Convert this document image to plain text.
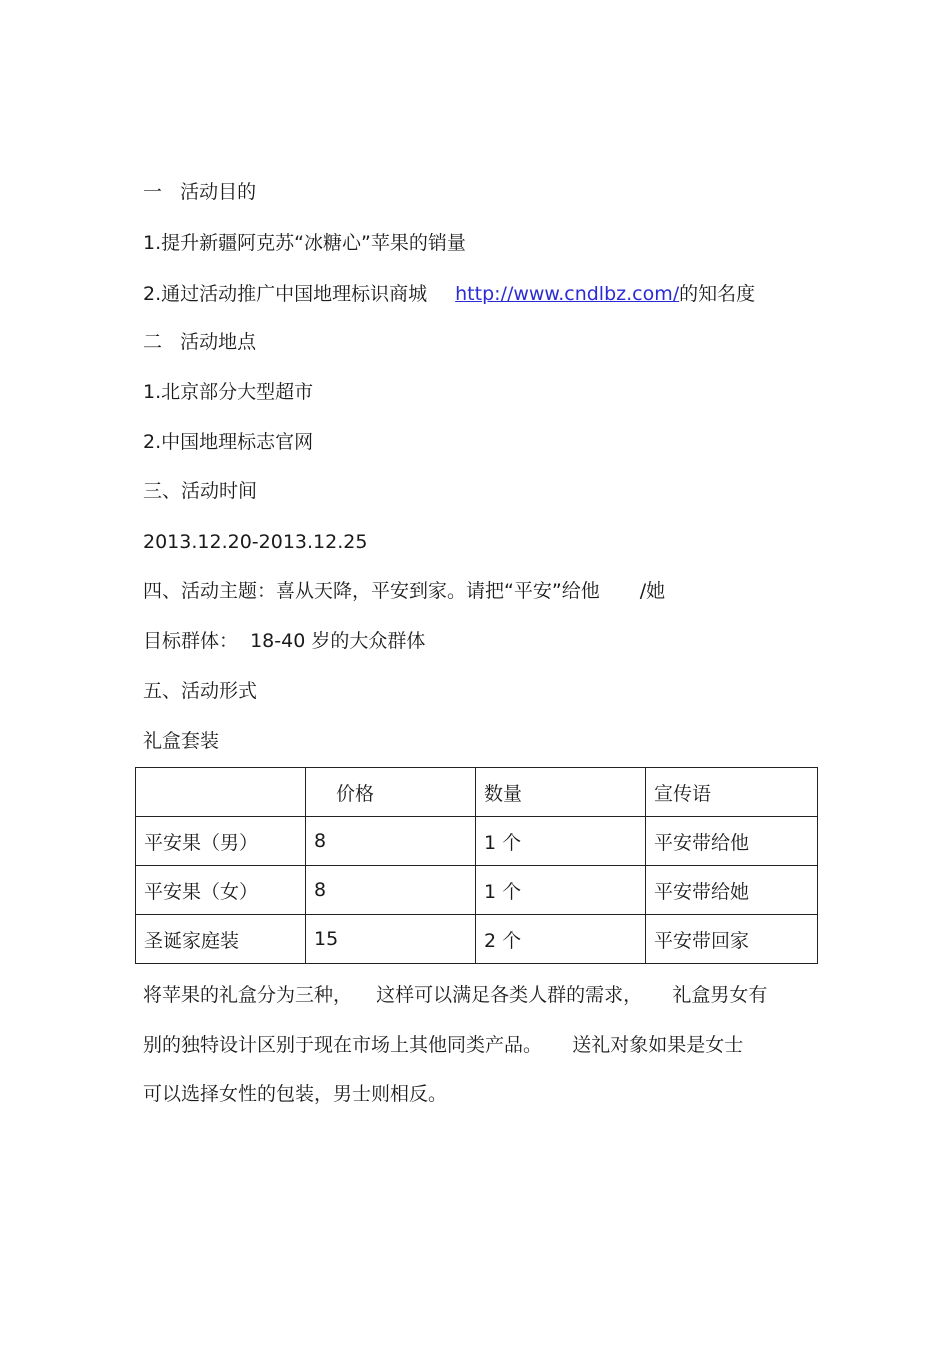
一   活动目的
1.提升新疆阿克苏“冰糖心”苹果的销量
2.通过活动推广中国地理标识商城 http://www.cndlbz.com/的知名度
二   活动地点
1.北京部分大型超市
2.中国地理标志官网
三、活动时间
2013.12.20-2013.12.25
四、活动主题：喜从天降，平安到家。请把“平安”给他 /她
目标群体：  18-40 岁的大众群体
五、活动形式
礼盒套装
	价格	数量	宣传语
平安果（男）	8	1 个	平安带给他
平安果（女）	8	1 个	平安带给她
圣诞家庭装	15	2 个	平安带回家
将苹果的礼盒分为三种，    这样可以满足各类人群的需求，     礼盒男女有
别的独特设计区别于现在市场上其他同类产品。     送礼对象如果是女士
可以选择女性的包装，男士则相反。
